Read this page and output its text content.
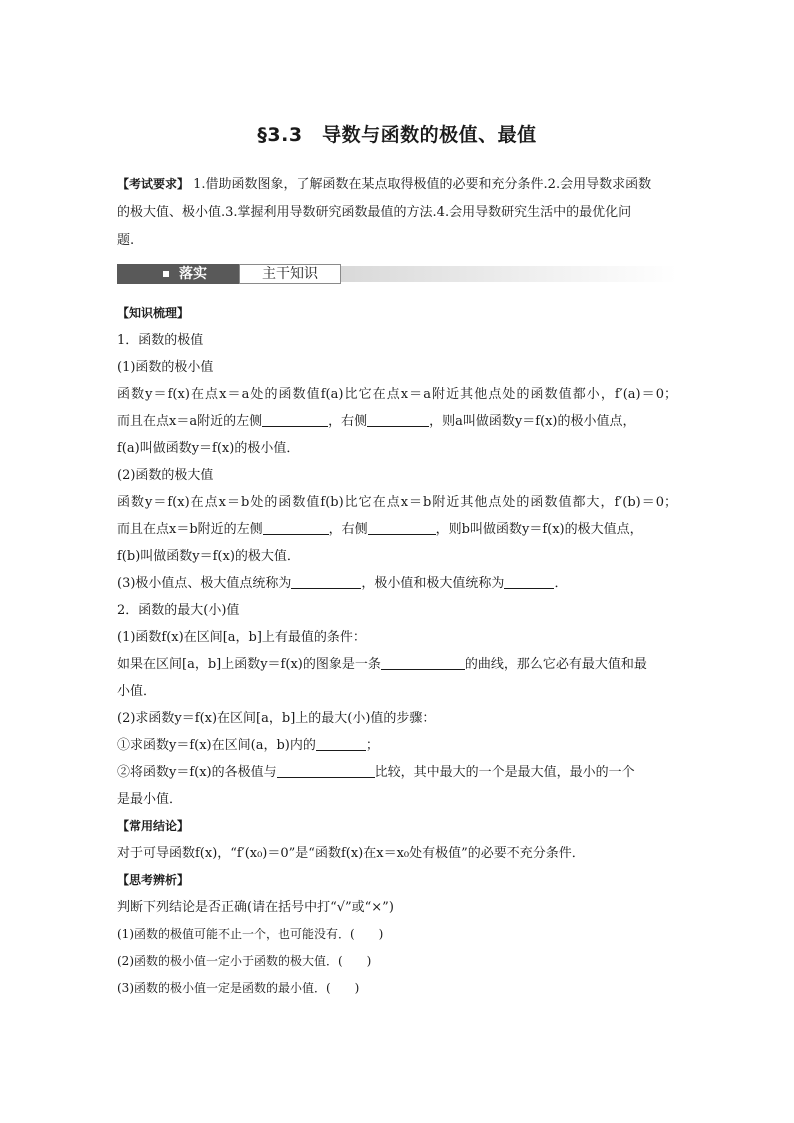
§3.3　导数与函数的极值、最值
【考试要求】 1.借助函数图象，了解函数在某点取得极值的必要和充分条件.2.会用导数求函数
的极大值、极小值.3.掌握利用导数研究函数最值的方法.4.会用导数研究生活中的最优化问
题.
落实	主干知识
【知识梳理】
1．函数的极值
(1)函数的极小值
函数y＝f(x)在点x＝a处的函数值f(a)比它在点x＝a附近其他点处的函数值都小，f′(a)＝0；
而且在点x＝a附近的左侧	，右侧	，则a叫做函数y＝f(x)的极小值点，
f(a)叫做函数y＝f(x)的极小值．
(2)函数的极大值
函数y＝f(x)在点x＝b处的函数值f(b)比它在点x＝b附近其他点处的函数值都大，f′(b)＝0；
而且在点x＝b附近的左侧	，右侧	，则b叫做函数y＝f(x)的极大值点，
f(b)叫做函数y＝f(x)的极大值．
(3)极小值点、极大值点统称为	，极小值和极大值统称为	．
2．函数的最大(小)值
(1)函数f(x)在区间[a，b]上有最值的条件：
如果在区间[a，b]上函数y＝f(x)的图象是一条	的曲线，那么它必有最大值和最
小值．
(2)求函数y＝f(x)在区间[a，b]上的最大(小)值的步骤：
①求函数y＝f(x)在区间(a，b)内的	；
②将函数y＝f(x)的各极值与	比较，其中最大的一个是最大值，最小的一个
是最小值．
【常用结论】
对于可导函数f(x)，“f′(x₀)＝0”是“函数f(x)在x＝x₀处有极值”的必要不充分条件．
【思考辨析】
判断下列结论是否正确(请在括号中打“√”或“×”)
(1)函数的极值可能不止一个，也可能没有．(　　)
(2)函数的极小值一定小于函数的极大值．(　　)
(3)函数的极小值一定是函数的最小值．(　　)
